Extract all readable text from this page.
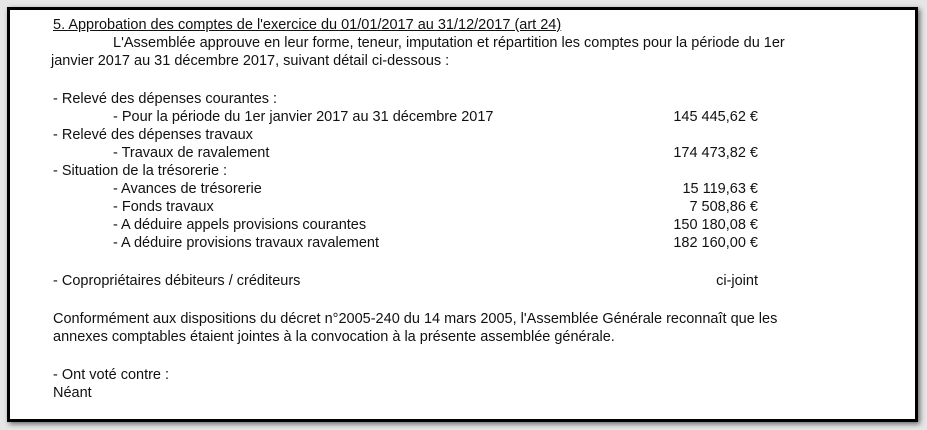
5. Approbation des comptes de l'exercice du 01/01/2017 au 31/12/2017 (art 24)
L'Assemblée approuve en leur forme, teneur, imputation et répartition les comptes pour la période du 1er
janvier 2017 au 31 décembre 2017, suivant détail ci-dessous :
- Relevé des dépenses courantes :
- Pour la période du 1er janvier 2017 au 31 décembre 2017	145 445,62 €
- Relevé des dépenses travaux
- Travaux de ravalement	174 473,82 €
- Situation de la trésorerie :
- Avances de trésorerie	15 119,63 €
- Fonds travaux	7 508,86 €
- A déduire appels provisions courantes	150 180,08 €
- A déduire provisions travaux ravalement	182 160,00 €
- Copropriétaires débiteurs / créditeurs	ci-joint
Conformément aux dispositions du décret n°2005-240 du 14 mars 2005, l'Assemblée Générale reconnaît que les
annexes comptables étaient jointes à la convocation à la présente assemblée générale.
- Ont voté contre :
Néant
